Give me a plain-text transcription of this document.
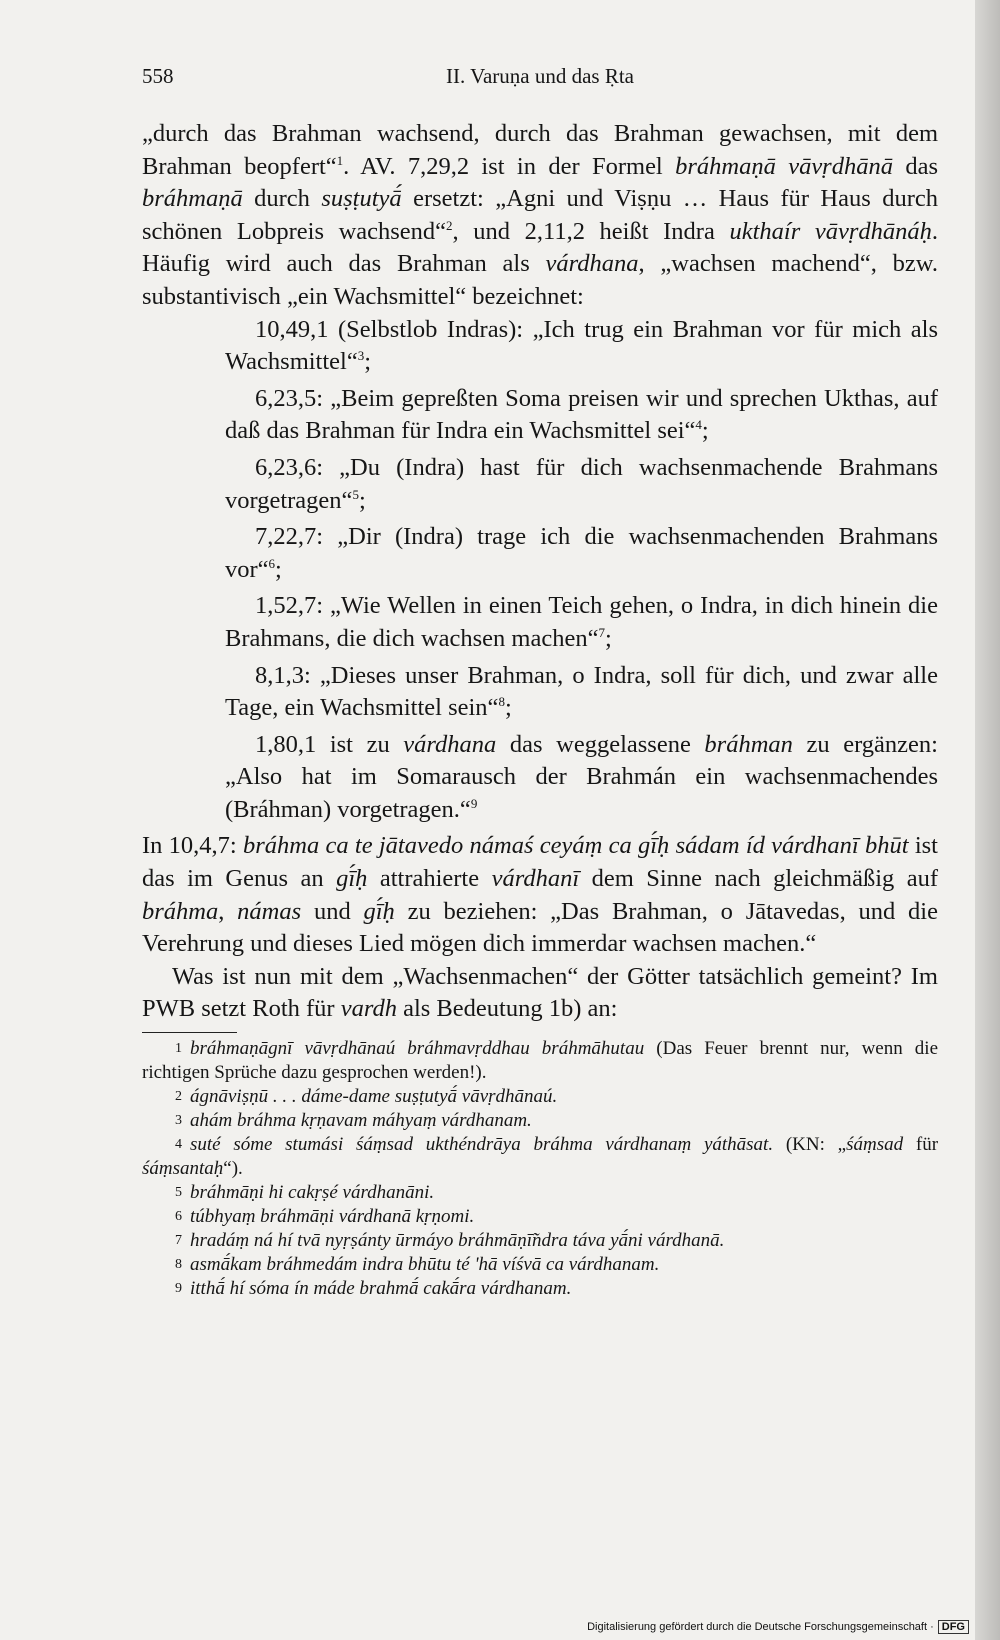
558	II. Varuṇa und das Ṛta

„durch das Brahman wachsend, durch das Brahman gewachsen, mit dem Brahman beopfert“$^1$. AV. 7,29,2 ist in der Formel bráhmaṇā vāvṛdhānā das bráhmaṇā durch suṣṭutyā́ ersetzt: „Agni und Viṣṇu … Haus für Haus durch schönen Lobpreis wachsend“$^2$, und 2,11,2 heißt Indra ukthaír vāvṛdhānáḥ. Häufig wird auch das Brahman als várdhana, „wachsen machend“, bzw. substantivisch „ein Wachsmittel“ bezeichnet:

10,49,1 (Selbstlob Indras): „Ich trug ein Brahman vor für mich als Wachsmittel“$^3$;
6,23,5: „Beim gepreßten Soma preisen wir und sprechen Ukthas, auf daß das Brahman für Indra ein Wachsmittel sei“$^4$;
6,23,6: „Du (Indra) hast für dich wachsenmachende Brahmans vorgetragen“$^5$;
7,22,7: „Dir (Indra) trage ich die wachsenmachenden Brahmans vor“$^6$;
1,52,7: „Wie Wellen in einen Teich gehen, o Indra, in dich hinein die Brahmans, die dich wachsen machen“$^7$;
8,1,3: „Dieses unser Brahman, o Indra, soll für dich, und zwar alle Tage, ein Wachsmittel sein“$^8$;
1,80,1 ist zu várdhana das weggelassene bráhman zu ergänzen: „Also hat im Somarausch der Brahmán ein wachsenmachendes (Bráhman) vorgetragen.“$^9$

In 10,4,7: bráhma ca te jātavedo námaś ceyáṃ ca gī́ḥ sádam íd várdhanī bhūt ist das im Genus an gī́ḥ attrahierte várdhanī dem Sinne nach gleichmäßig auf bráhma, námas und gī́ḥ zu beziehen: „Das Brahman, o Jātavedas, und die Verehrung und dieses Lied mögen dich immerdar wachsen machen.“

Was ist nun mit dem „Wachsenmachen“ der Götter tatsächlich gemeint? Im PWB setzt Roth für vardh als Bedeutung 1b) an:

1 bráhmaṇāgnī vāvṛdhānaú bráhmavṛddhau bráhmāhutau (Das Feuer brennt nur, wenn die richtigen Sprüche dazu gesprochen werden!).
2 ágnāviṣṇū . . . dáme-dame suṣṭutyā́ vāvṛdhānaú.
3 ahám bráhma kṛṇavam máhyaṃ várdhanam.
4 suté sóme stumási śáṃsad ukthéndrāya bráhma várdhanaṃ yáthāsat. (KN: „śáṃsad für śáṃsantaḥ“).
5 bráhmāṇi hi cakṛṣé várdhanāni.
6 túbhyaṃ bráhmāṇi várdhanā kṛṇomi.
7 hradáṃ ná hí tvā nyṛṣánty ūrmáyo bráhmāṇī̃ndra táva yā́ni várdhanā.
8 asmā́kam bráhmedám indra bhūtu té 'hā víśvā ca várdhanam.
9 itthā́ hí sóma ín máde brahmā́ cakā́ra várdhanam.
Digitalisierung gefördert durch die Deutsche Forschungsgemeinschaft · DFG
